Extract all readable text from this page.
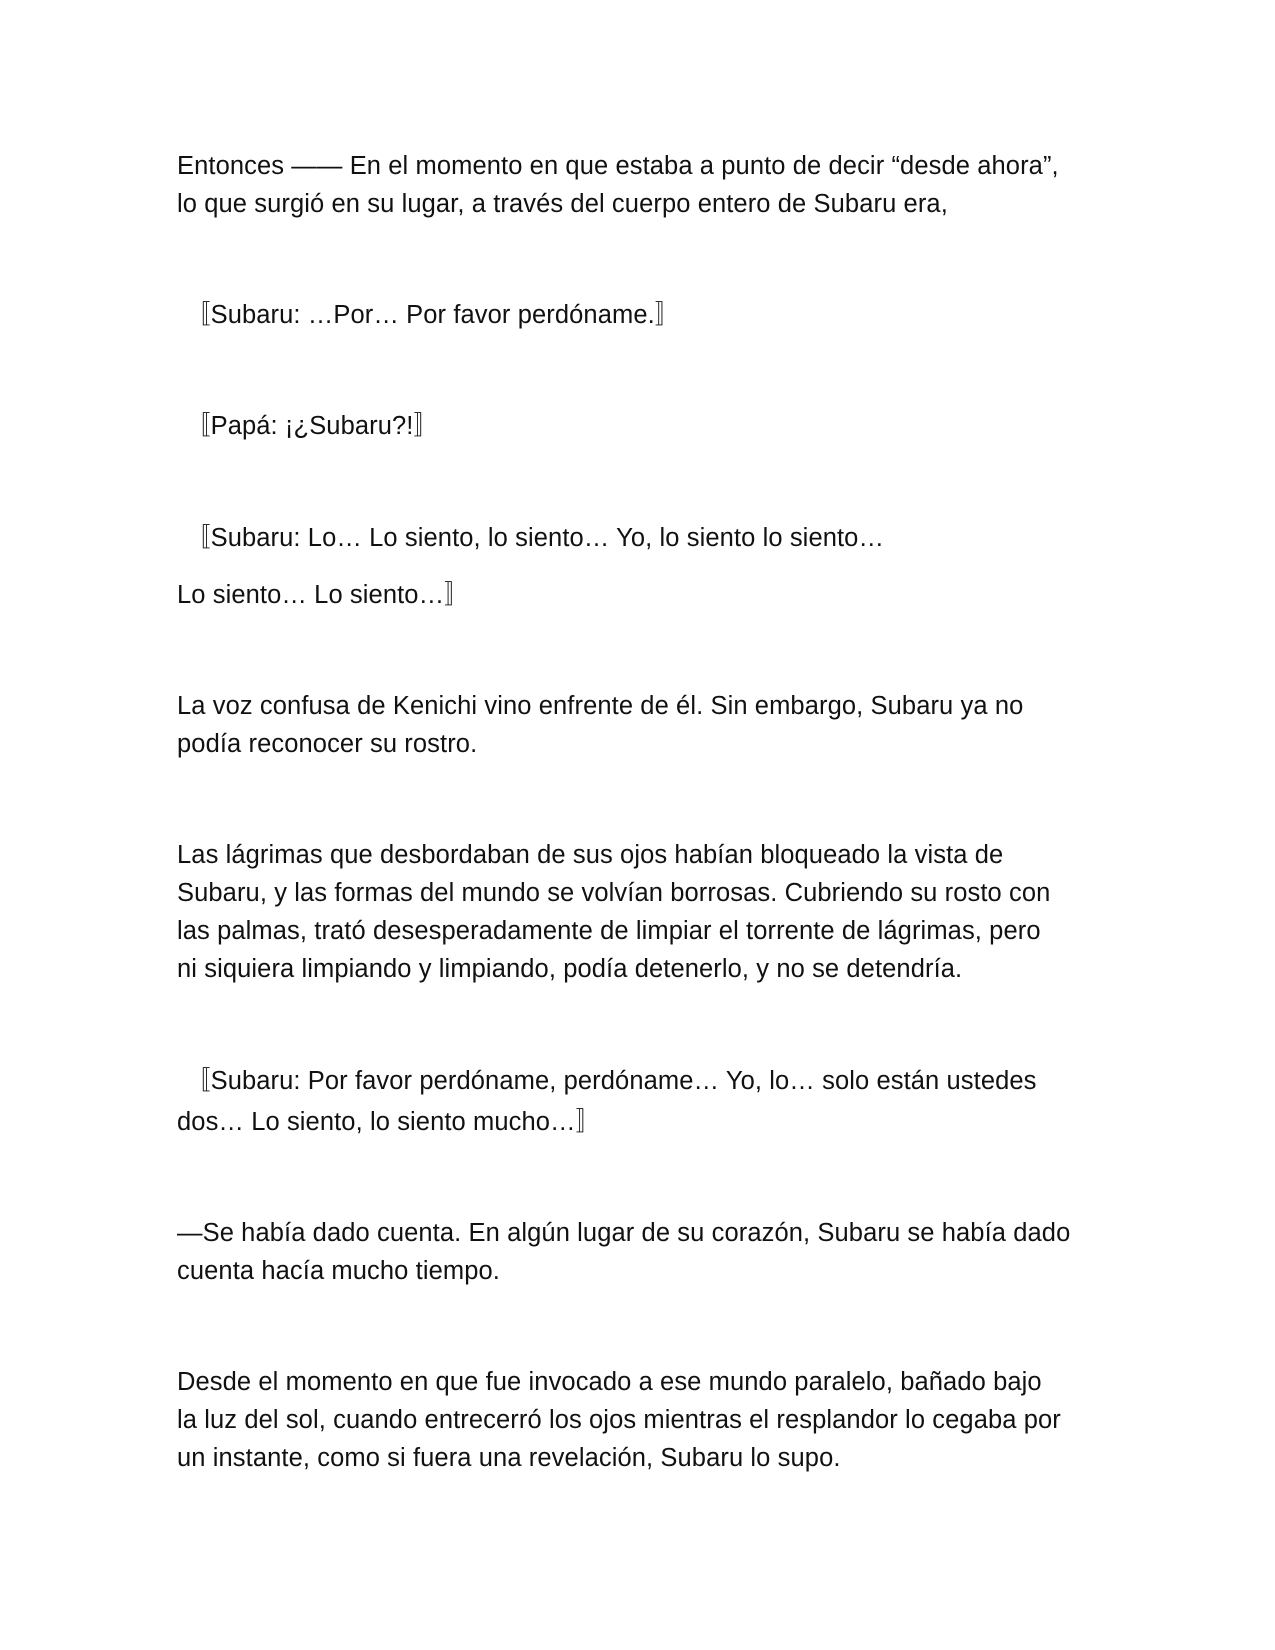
Entonces —— En el momento en que estaba a punto de decir “desde ahora”,
lo que surgió en su lugar, a través del cuerpo entero de Subaru era,
〚Subaru: …Por… Por favor perdóname.〛
〚Papá: ¡¿Subaru?!〛
〚Subaru: Lo… Lo siento, lo siento… Yo, lo siento lo siento…
Lo siento… Lo siento…〛
La voz confusa de Kenichi vino enfrente de él. Sin embargo, Subaru ya no
podía reconocer su rostro.
Las lágrimas que desbordaban de sus ojos habían bloqueado la vista de
Subaru, y las formas del mundo se volvían borrosas. Cubriendo su rosto con
las palmas, trató desesperadamente de limpiar el torrente de lágrimas, pero
ni siquiera limpiando y limpiando, podía detenerlo, y no se detendría.
〚Subaru: Por favor perdóname, perdóname… Yo, lo… solo están ustedes
dos… Lo siento, lo siento mucho…〛
—Se había dado cuenta. En algún lugar de su corazón, Subaru se había dado
cuenta hacía mucho tiempo.
Desde el momento en que fue invocado a ese mundo paralelo, bañado bajo
la luz del sol, cuando entrecerró los ojos mientras el resplandor lo cegaba por
un instante, como si fuera una revelación, Subaru lo supo.
